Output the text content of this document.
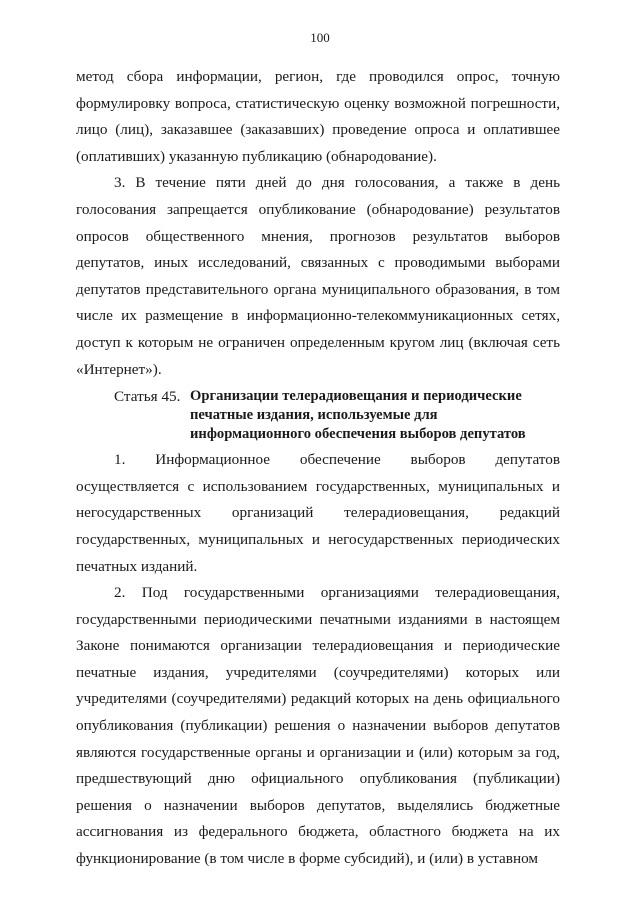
100

метод сбора информации, регион, где проводился опрос, точную формулировку вопроса, статистическую оценку возможной погрешности, лицо (лиц), заказавшее (заказавших) проведение опроса и оплатившее (оплативших) указанную публикацию (обнародование).

3. В течение пяти дней до дня голосования, а также в день голосования запрещается опубликование (обнародование) результатов опросов общественного мнения, прогнозов результатов выборов депутатов, иных исследований, связанных с проводимыми выборами депутатов представительного органа муниципального образования, в том числе их размещение в информационно-телекоммуникационных сетях, доступ к которым не ограничен определенным кругом лиц (включая сеть «Интернет»).

Статья 45. Организации телерадиовещания и периодические
печатные издания, используемые для
информационного обеспечения выборов депутатов

1. Информационное обеспечение выборов депутатов осуществляется с использованием государственных, муниципальных и негосударственных организаций телерадиовещания, редакций государственных, муниципальных и негосударственных периодических печатных изданий.

2. Под государственными организациями телерадиовещания, государственными периодическими печатными изданиями в настоящем Законе понимаются организации телерадиовещания и периодические печатные издания, учредителями (соучредителями) которых или учредителями (соучредителями) редакций которых на день официального опубликования (публикации) решения о назначении выборов депутатов являются государственные органы и организации и (или) которым за год, предшествующий дню официального опубликования (публикации) решения о назначении выборов депутатов, выделялись бюджетные ассигнования из федерального бюджета, областного бюджета на их функционирование (в том числе в форме субсидий), и (или) в уставном
